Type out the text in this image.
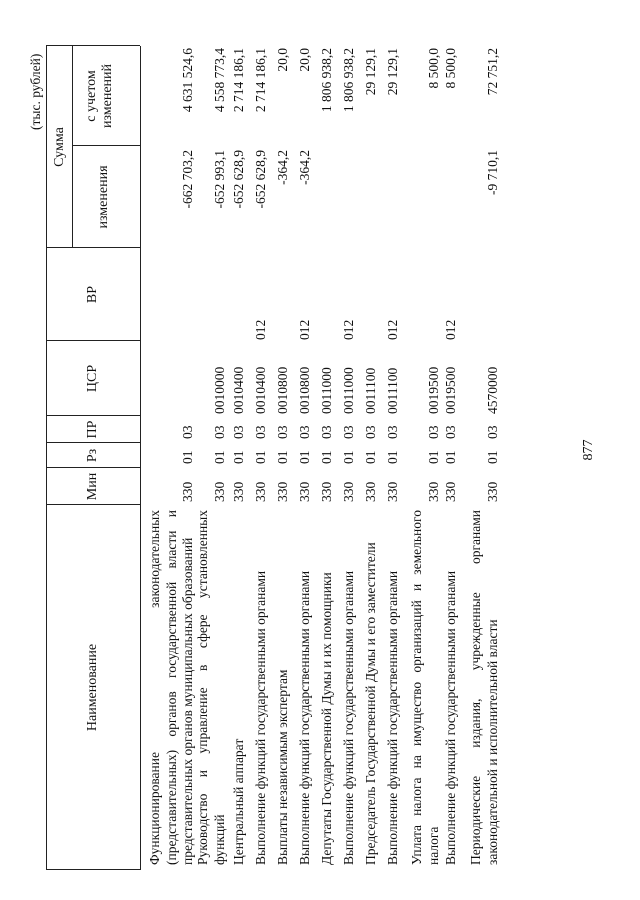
877
(тыс. рублей)
Наименование
Мин
Рз
ПР
ЦСР
ВР
Сумма
изменения
с учетом изменений
Функционирование законодательных (представительных) органов государственной власти и представительных органов муниципальных образований
330
01
03
-662 703,2
4 631 524,6
Руководство и управление в сфере установленных функций
330
01
03
0010000
-652 993,1
4 558 773,4
Центральный аппарат
330
01
03
0010400
-652 628,9
2 714 186,1
Выполнение функций государственными органами
330
01
03
0010400
012
-652 628,9
2 714 186,1
Выплаты независимым экспертам
330
01
03
0010800
-364,2
20,0
Выполнение функций государственными органами
330
01
03
0010800
012
-364,2
20,0
Депутаты Государственной Думы и их помощники
330
01
03
0011000
1 806 938,2
Выполнение функций государственными органами
330
01
03
0011000
012
1 806 938,2
Председатель Государственной Думы и его заместители
330
01
03
0011100
29 129,1
Выполнение функций государственными органами
330
01
03
0011100
012
29 129,1
Уплата налога на имущество организаций и земельного налога
330
01
03
0019500
8 500,0
Выполнение функций государственными органами
330
01
03
0019500
012
8 500,0
Периодические издания, учрежденные органами законодательной и исполнительной власти
330
01
03
4570000
-9 710,1
72 751,2
